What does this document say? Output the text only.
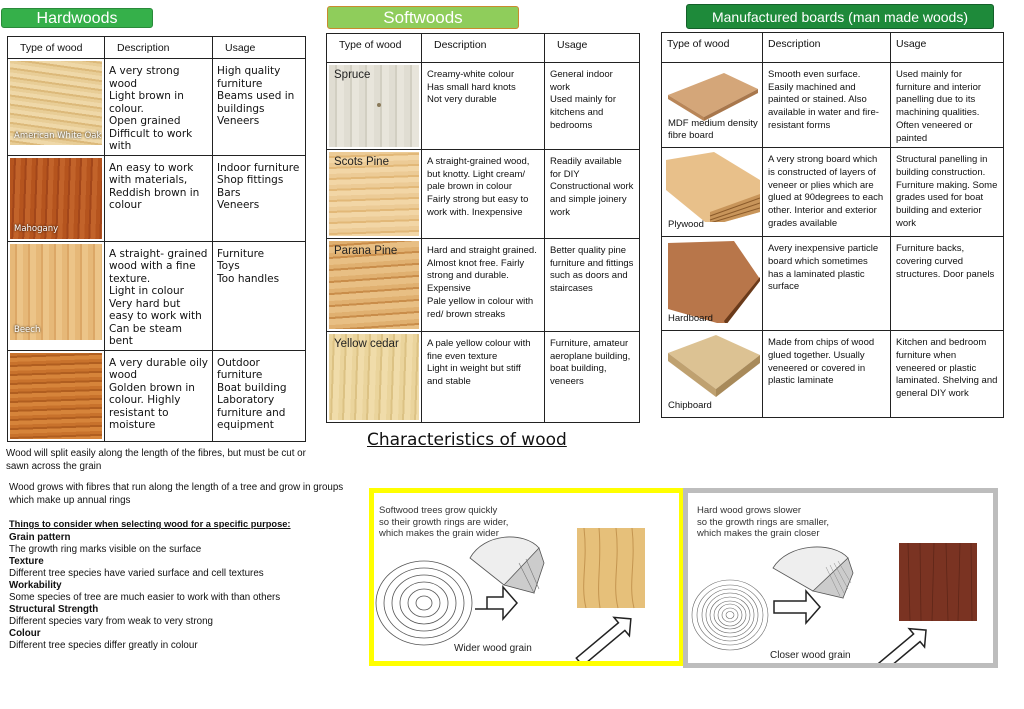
Hardwoods	Softwoods	Manufactured boards (man made woods)
Type of wood	Description	Usage

American White Oak	A very strong wood
Light brown in colour.
Open grained
Difficult to work with	High quality furniture
Beams used in buildings
Veneers

Mahogany	An easy to work with materials,
Reddish brown in colour	Indoor furniture
Shop fittings
Bars
Veneers

Beech	A straight- grained wood with a fine texture.
Light in colour
Very hard but easy to work with
Can be steam bent	Furniture
Toys
Too handles

	A very durable oily wood
Golden brown in colour. Highly resistant to moisture	Outdoor furniture
Boat building
Laboratory furniture and equipment
Type of wood	Description	Usage

Spruce	Creamy-white colour
Has small hard knots
Not very durable	General indoor work
Used mainly for kitchens and bedrooms

Scots Pine	A straight-grained wood, but knotty. Light cream/ pale brown in colour
Fairly strong but easy to work with. Inexpensive	Readily available for DIY
Constructional work and simple joinery work

Parana Pine	Hard and straight grained. Almost knot free. Fairly strong and durable. Expensive
Pale yellow in colour with red/ brown streaks	Better quality pine furniture and fittings such as doors and staircases

Yellow cedar	A pale yellow colour with fine even texture
Light in weight but stiff and stable	Furniture, amateur aeroplane building, boat building, veneers
Type of wood	Description	Usage

MDF medium density fibre board	Smooth even surface. Easily machined and painted or stained. Also available in water and fire-resistant forms	Used mainly for furniture and interior panelling due to its machining qualities. Often veneered or painted

Plywood	A very strong board which is constructed of layers of veneer or plies which are glued at 90degrees to each other. Interior and exterior grades available	Structural panelling in building construction. Furniture making. Some grades used for boat building and exterior work

Hardboard	Avery inexpensive particle board which sometimes has a laminated plastic surface	Furniture backs, covering curved structures. Door panels

Chipboard	Made from chips of wood glued together. Usually veneered or covered in plastic laminate	Kitchen and bedroom furniture when veneered or plastic laminated. Shelving and general DIY work
Characteristics of wood
Wood will split easily along the length of the fibres, but must be cut or sawn across the grain
Wood grows with fibres that run along the length of a tree and grow in groups which make up annual rings
Things to consider when selecting wood for a specific purpose:
Grain pattern
The growth ring marks visible on the surface
Texture
Different tree species have varied surface and cell textures
Workability
Some species of tree are much easier to work with than others
Structural Strength
Different species vary from weak to very strong
Colour
Different tree species differ greatly in colour
Softwood trees grow quickly
so their growth rings are wider,
which makes the grain wider
Wider wood grain
Hard wood grows slower
so the growth rings are smaller,
which makes the grain closer
Closer wood grain
